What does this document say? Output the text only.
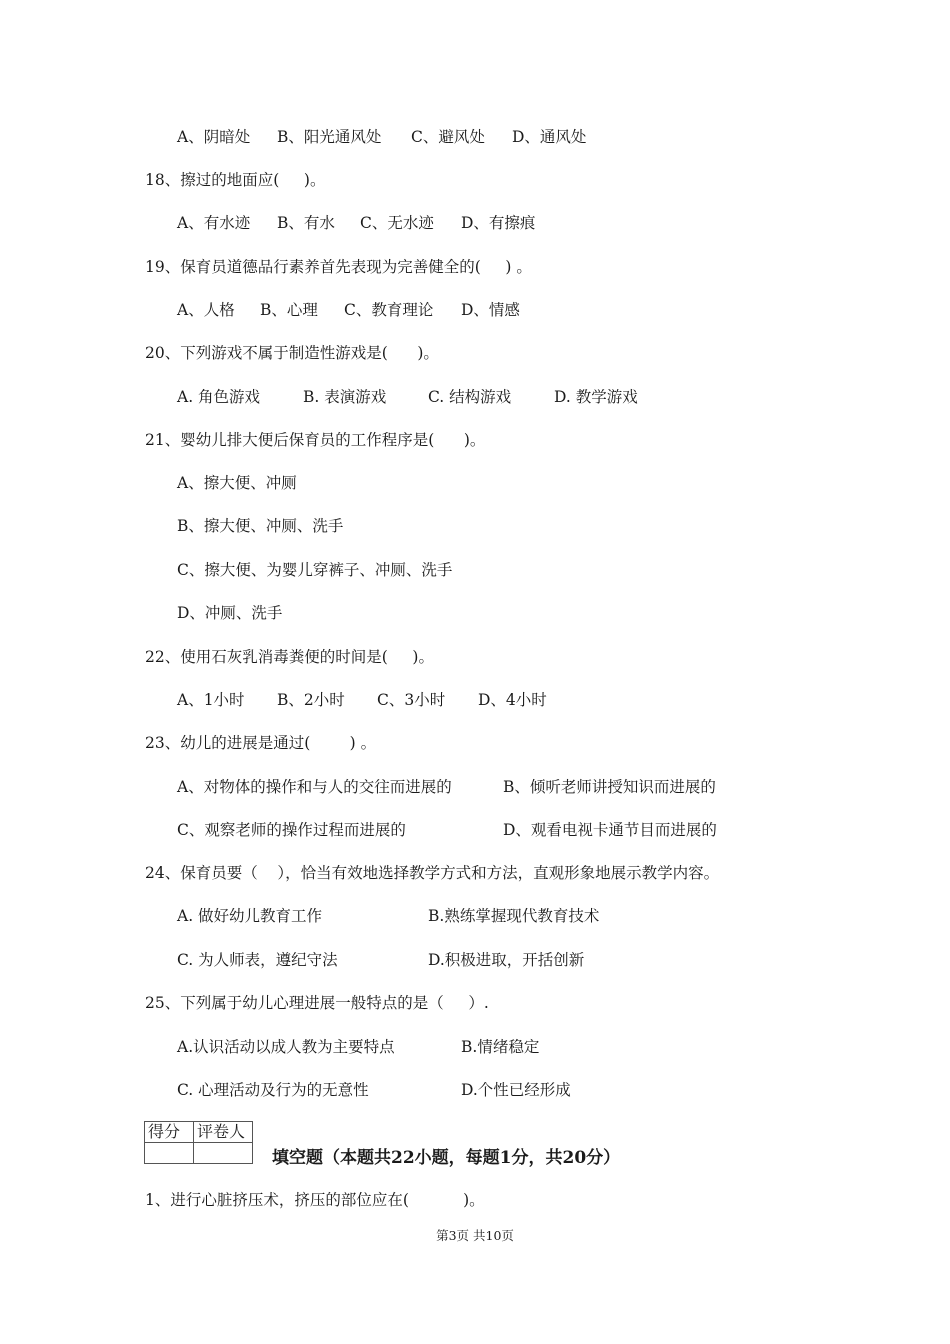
A、阴暗处 B、阳光通风处 C、避风处 D、通风处
18、擦过的地面应(     )。
A、有水迹 B、有水 C、无水迹 D、有擦痕
19、保育员道德品行素养首先表现为完善健全的(     ) 。
A、人格 B、心理 C、教育理论 D、情感
20、下列游戏不属于制造性游戏是(      )。
A. 角色游戏	B. 表演游戏	C. 结构游戏	D. 教学游戏
21、婴幼儿排大便后保育员的工作程序是(      )。
A、擦大便、冲厕
B、擦大便、冲厕、洗手
C、擦大便、为婴儿穿裤子、冲厕、洗手
D、冲厕、洗手
22、使用石灰乳消毒粪便的时间是(     )。
A、1小时 B、2小时 C、3小时 D、4小时
23、幼儿的进展是通过(        ) 。
A、对物体的操作和与人的交往而进展的	B、倾听老师讲授知识而进展的
C、观察老师的操作过程而进展的	D、观看电视卡通节目而进展的
24、保育员要（    ），恰当有效地选择教学方式和方法，直观形象地展示教学内容。
A. 做好幼儿教育工作	B.熟练掌握现代教育技术
C. 为人师表，遵纪守法	D.积极进取，开括创新
25、下列属于幼儿心理进展一般特点的是（     ）.
A.认识活动以成人教为主要特点	B.情绪稳定
C. 心理活动及行为的无意性	D.个性已经形成
得分	评卷人

填空题（本题共22小题，每题1分，共20分）
1、进行心脏挤压术，挤压的部位应在(           )。
第3页 共10页
